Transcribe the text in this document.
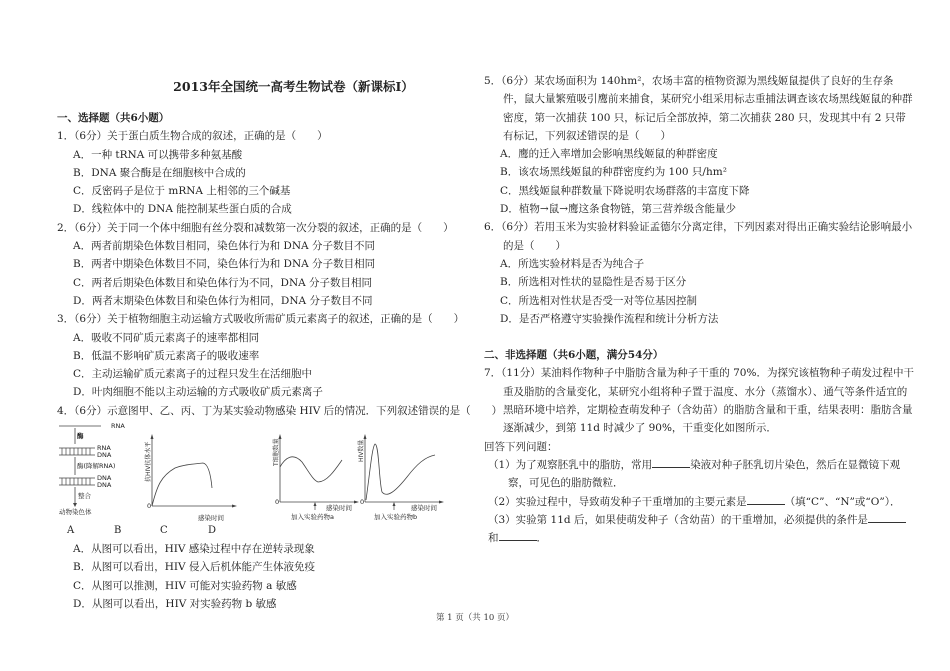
2013年全国统一高考生物试卷（新课标Ⅰ）
一、选择题（共6小题）
1．（6分）关于蛋白质生物合成的叙述，正确的是（　　）
A．一种 tRNA 可以携带多种氨基酸
B．DNA 聚合酶是在细胞核中合成的
C．反密码子是位于 mRNA 上相邻的三个碱基
D．线粒体中的 DNA 能控制某些蛋白质的合成
2．（6分）关于同一个体中细胞有丝分裂和减数第一次分裂的叙述，正确的是（　　）
A．两者前期染色体数目相同，染色体行为和 DNA 分子数目不同
B．两者中期染色体数目不同，染色体行为和 DNA 分子数目相同
C．两者后期染色体数目和染色体行为不同，DNA 分子数目相同
D．两者末期染色体数目和染色体行为相同，DNA 分子数目不同
3．（6分）关于植物细胞主动运输方式吸收所需矿质元素离子的叙述，正确的是（　　）
A．吸收不同矿质元素离子的速率都相同
B．低温不影响矿质元素离子的吸收速率
C．主动运输矿质元素离子的过程只发生在活细胞中
D．叶肉细胞不能以主动运输的方式吸收矿质元素离子
4．（6分）示意图甲、乙、丙、丁为某实验动物感染 HIV 后的情况．下列叙述错误的是（　　）
RNA
酶
RNA
DNA
酶(降解RNA)
DNA
DNA
整合
动物染色体
0
感染时间
抗HIV抗体水平
0
感染时间
加入实验药物a
T细胞数量
0
感染时间
加入实验药物b
HIV数量
A	B	C	D
A．从图可以看出，HIV 感染过程中存在逆转录现象
B．从图可以看出，HIV 侵入后机体能产生体液免疫
C．从图可以推测，HIV 可能对实验药物 a 敏感
D．从图可以看出，HIV 对实验药物 b 敏感
5．（6分）某农场面积为 140hm²，农场丰富的植物资源为黑线姬鼠提供了良好的生存条件，鼠大量繁殖吸引鹰前来捕食，某研究小组采用标志重捕法调查该农场黑线姬鼠的种群密度，第一次捕获 100 只，标记后全部放掉，第二次捕获 280 只，发现其中有 2 只带有标记，下列叙述错误的是（　　）
A．鹰的迁入率增加会影响黑线姬鼠的种群密度
B．该农场黑线姬鼠的种群密度约为 100 只/hm²
C．黑线姬鼠种群数量下降说明农场群落的丰富度下降
D．植物→鼠→鹰这条食物链，第三营养级含能量少
6．（6分）若用玉米为实验材料验证孟德尔分离定律，下列因素对得出正确实验结论影响最小的是（　　）
A．所选实验材料是否为纯合子
B．所选相对性状的显隐性是否易于区分
C．所选相对性状是否受一对等位基因控制
D．是否严格遵守实验操作流程和统计分析方法
二、非选择题（共6小题，满分54分）
7．（11分）某油料作物种子中脂肪含量为种子干重的 70%．为探究该植物种子萌发过程中干重及脂肪的含量变化，某研究小组将种子置于温度、水分（蒸馏水）、通气等条件适宜的黑暗环境中培养，定期检查萌发种子（含幼苗）的脂肪含量和干重，结果表明：脂肪含量逐渐减少，到第 11d 时减少了 90%，干重变化如图所示．
回答下列问题：
（1）为了观察胚乳中的脂肪，常用	染液对种子胚乳切片染色，然后在显微镜下观察，可见色的脂肪微粒．
（2）实验过程中，导致萌发种子干重增加的主要元素是	（填“C”、“N”或“O”）．
（3）实验第 11d 后，如果使萌发种子（含幼苗）的干重增加，必须提供的条件是和	．
第 1 页（共 10 页）
